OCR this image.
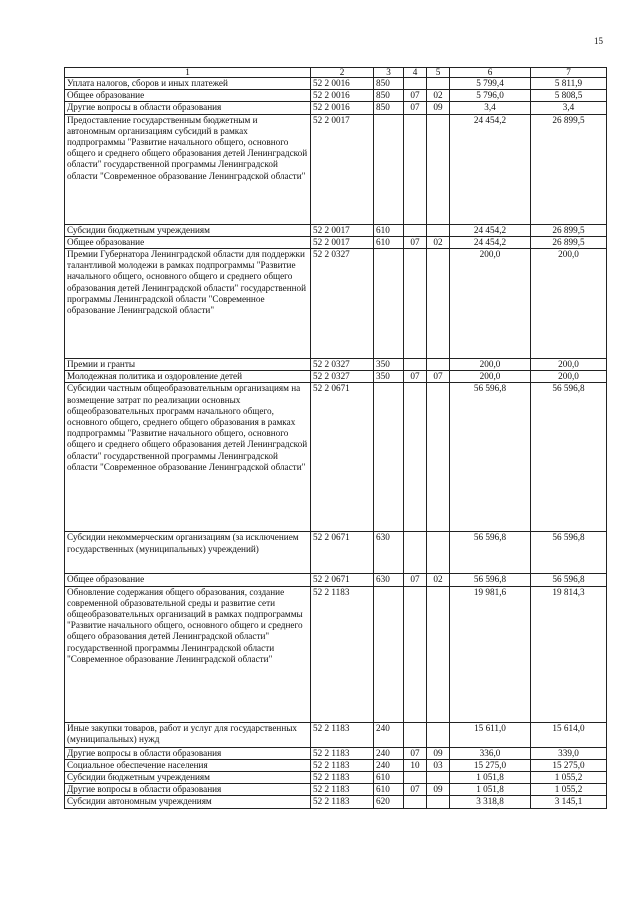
15
1	2	3	4	5	6	7
Уплата налогов, сборов и иных платежей	52 2 0016	850			5 799,4	5 811,9
Общее образование	52 2 0016	850	07	02	5 796,0	5 808,5
Другие вопросы в области образования	52 2 0016	850	07	09	3,4	3,4
Предоставление государственным бюджетным и автономным организациям субсидий в рамках подпрограммы "Развитие начального общего, основного общего и среднего общего образования детей Ленинградской области" государственной программы Ленинградской области "Современное образование Ленинградской области"	52 2 0017				24 454,2	26 899,5
Субсидии бюджетным учреждениям	52 2 0017	610			24 454,2	26 899,5
Общее образование	52 2 0017	610	07	02	24 454,2	26 899,5
Премии Губернатора Ленинградской области для поддержки талантливой молодежи в рамках подпрограммы "Развитие начального общего, основного общего и среднего общего образования детей Ленинградской области" государственной программы Ленинградской области "Современное образование Ленинградской области"	52 2 0327				200,0	200,0
Премии и гранты	52 2 0327	350			200,0	200,0
Молодежная политика и оздоровление детей	52 2 0327	350	07	07	200,0	200,0
Субсидии частным общеобразовательным организациям на возмещение затрат по реализации основных общеобразовательных программ начального общего, основного общего, среднего общего образования в рамках подпрограммы "Развитие начального общего, основного общего и среднего общего образования детей Ленинградской области" государственной программы Ленинградской области "Современное образование Ленинградской области"	52 2 0671				56 596,8	56 596,8
Субсидии некоммерческим организациям (за исключением государственных (муниципальных) учреждений)	52 2 0671	630			56 596,8	56 596,8
Общее образование	52 2 0671	630	07	02	56 596,8	56 596,8
Обновление содержания общего образования, создание современной образовательной среды и развитие сети общеобразовательных организаций в рамках подпрограммы "Развитие начального общего, основного общего и среднего общего образования детей Ленинградской области" государственной программы Ленинградской области "Современное образование Ленинградской области"	52 2 1183				19 981,6	19 814,3
Иные закупки товаров, работ и услуг для государственных (муниципальных) нужд	52 2 1183	240			15 611,0	15 614,0
Другие вопросы в области образования	52 2 1183	240	07	09	336,0	339,0
Социальное обеспечение населения	52 2 1183	240	10	03	15 275,0	15 275,0
Субсидии бюджетным учреждениям	52 2 1183	610			1 051,8	1 055,2
Другие вопросы в области образования	52 2 1183	610	07	09	1 051,8	1 055,2
Субсидии автономным учреждениям	52 2 1183	620			3 318,8	3 145,1
